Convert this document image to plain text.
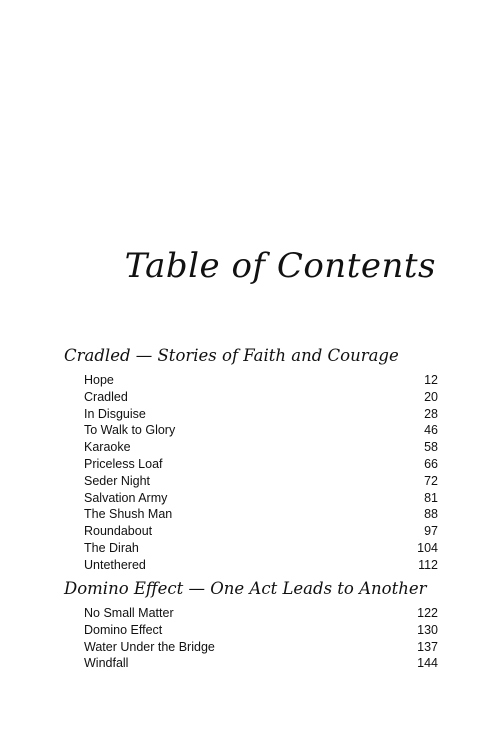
Table of Contents
Cradled — Stories of Faith and Courage
Hope	12
Cradled	20
In Disguise	28
To Walk to Glory	46
Karaoke	58
Priceless Loaf	66
Seder Night	72
Salvation Army	81
The Shush Man	88
Roundabout	97
The Dirah	104
Untethered	112
Domino Effect — One Act Leads to Another
No Small Matter	122
Domino Effect	130
Water Under the Bridge	137
Windfall	144
